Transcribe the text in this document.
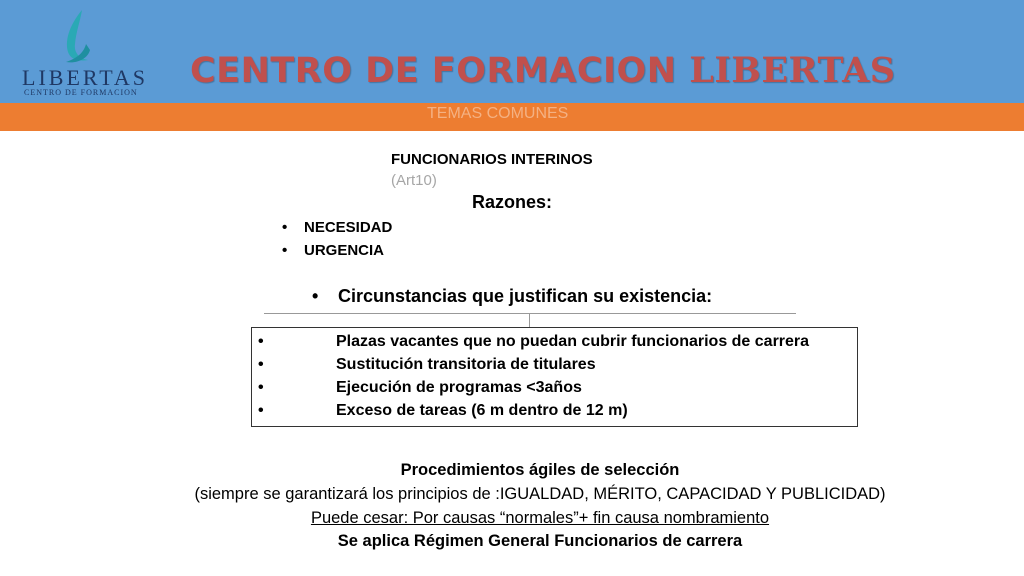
LIBERTAS
CENTRO DE FORMACION
CENTRO DE FORMACION LIBERTAS
TEMAS COMUNES
FUNCIONARIOS INTERINOS
(Art10)
Razones:
• NECESIDAD
• URGENCIA
• Circunstancias que justifican su existencia:
•	Plazas vacantes que no puedan cubrir funcionarios de carrera
•	Sustitución transitoria de titulares
•	Ejecución de programas <3años
•	Exceso de tareas (6 m dentro de 12 m)
Procedimientos ágiles de selección
(siempre se garantizará los principios de :IGUALDAD, MÉRITO, CAPACIDAD Y PUBLICIDAD)
Puede cesar: Por causas “normales”+ fin causa nombramiento
Se aplica Régimen General Funcionarios de carrera
